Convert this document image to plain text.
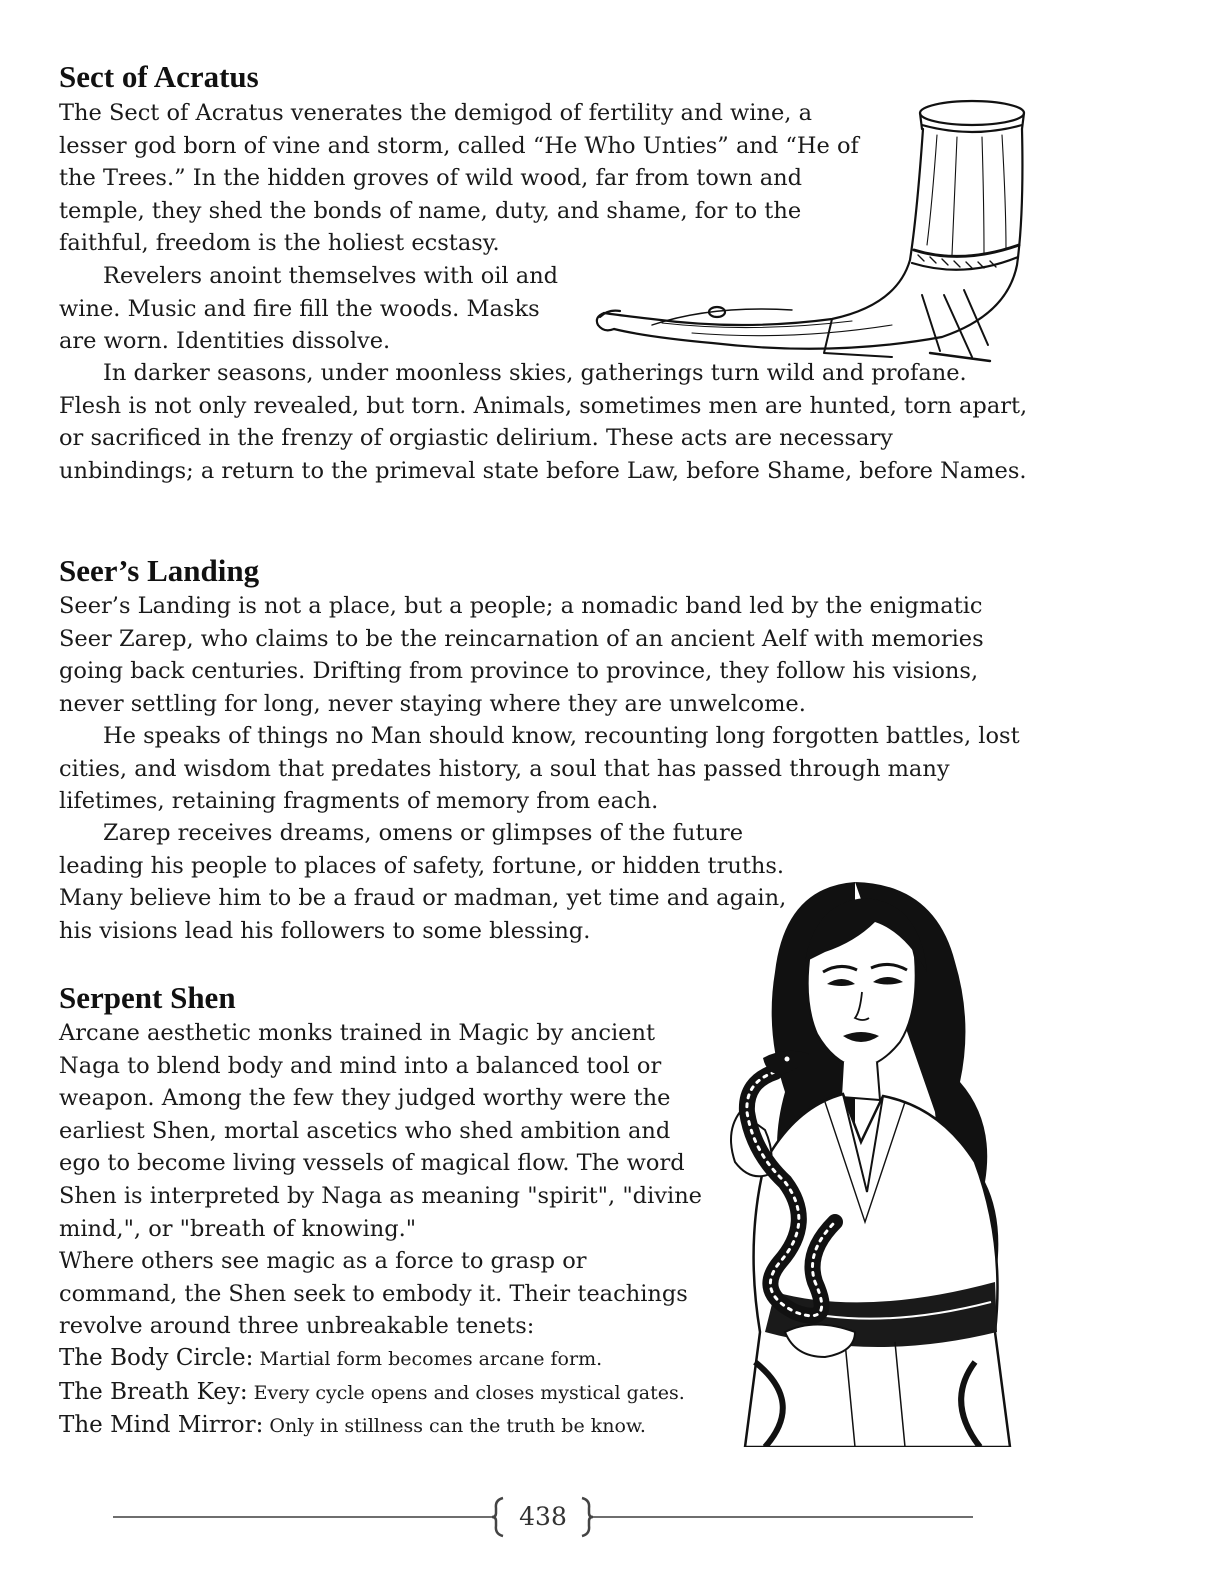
Sect of Acratus

The Sect of Acratus venerates the demigod of fertility and wine, a lesser god born of vine and storm, called “He Who Unties” and “He of the Trees.” In the hidden groves of wild wood, far from town and temple, they shed the bonds of name, duty, and shame, for to the faithful, freedom is the holiest ecstasy.

Revelers anoint themselves with oil and wine. Music and fire fill the woods. Masks are worn. Identities dissolve.

In darker seasons, under moonless skies, gatherings turn wild and profane. Flesh is not only revealed, but torn. Animals, sometimes men are hunted, torn apart, or sacrificed in the frenzy of orgiastic delirium. These acts are necessary unbindings; a return to the primeval state before Law, before Shame, before Names.

Seer’s Landing

Seer’s Landing is not a place, but a people; a nomadic band led by the enigmatic Seer Zarep, who claims to be the reincarnation of an ancient Aelf with memories going back centuries. Drifting from province to province, they follow his visions, never settling for long, never staying where they are unwelcome.

He speaks of things no Man should know, recounting long forgotten battles, lost cities, and wisdom that predates history, a soul that has passed through many lifetimes, retaining fragments of memory from each.

Zarep receives dreams, omens or glimpses of the future leading his people to places of safety, fortune, or hidden truths. Many believe him to be a fraud or madman, yet time and again, his visions lead his followers to some blessing.

Serpent Shen

Arcane aesthetic monks trained in Magic by ancient Naga to blend body and mind into a balanced tool or weapon. Among the few they judged worthy were the earliest Shen, mortal ascetics who shed ambition and ego to become living vessels of magical flow. The word Shen is interpreted by Naga as meaning "spirit", "divine mind,", or "breath of knowing."

Where others see magic as a force to grasp or command, the Shen seek to embody it. Their teachings revolve around three unbreakable tenets:

The Body Circle: Martial form becomes arcane form.
The Breath Key: Every cycle opens and closes mystical gates.
The Mind Mirror: Only in stillness can the truth be know.
438
